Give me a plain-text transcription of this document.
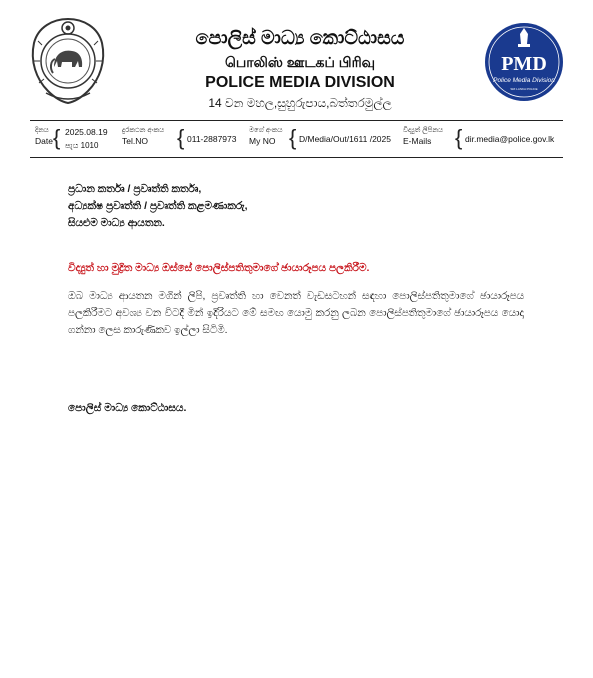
පොලිස් මාධ්‍ය කොට්ඨාසය
பொலிஸ் ஊடகப் பிரிவு
POLICE MEDIA DIVISION
14 වන මහල,සුහුරුපාය,බත්තරමුල්ල
PMD
Police Media Division
SRI LANKA POLICE
දිනය
Date { 2025.08.19
පැය 1010
දුරකථන අංකය
Tel.NO	{ 011-2887973
මගේ අංකය
My NO { D/Media/Out/1611 /2025
විද්‍යුත් ලිපිනය
E-Mails	{ dir.media@police.gov.lk
ප්‍රධාන කර්තෘ / ප්‍රවෘත්ති කර්තෘ,
අධ්‍යක්ෂ ප්‍රවෘත්ති / ප්‍රවෘත්ති කළමණාකරු,
සියළුම මාධ්‍ය ආයතන.
විද්‍යුත් හා මුද්‍රිත මාධ්‍ය ඔස්සේ පොලිස්පතිතුමාගේ ඡායාරූපය පලකිරීම.
ඔබ මාධ්‍ය ආයතන මගින් ලිපි, ප්‍රවෘත්ති හා වෙනත් වැඩසටහන් සඳහා පොලිස්පතිතුමාගේ ඡායාරූපය පලකිරීමට අවශ්‍ය වන විටදී මින් ඉදිරියට මේ සමඟ යොමු කරනු ලබන පොලිස්පතිතුමාගේ ඡායාරූපය යොදා ගන්නා ලෙස කාරුණිකව ඉල්ලා සිටිමි.
පොලිස් මාධ්‍ය කොට්ඨාසය.
